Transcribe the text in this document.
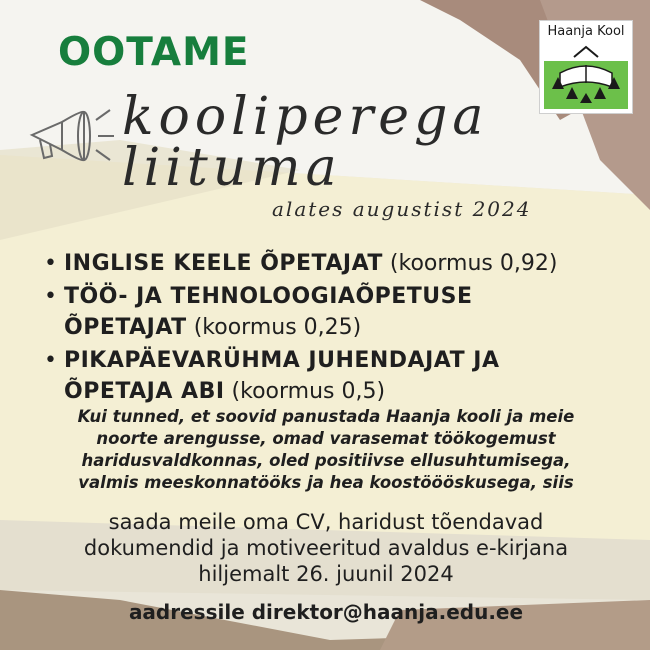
OOTAME
kooliperega
liituma
alates augustist 2024
Haanja Kool
• INGLISE KEELE ÕPETAJAT (koormus 0,92)
• TÖÖ- JA TEHNOLOOGIAÕPETUSE
ÕPETAJAT (koormus 0,25)
• PIKAPÄEVARÜHMA JUHENDAJAT JA
ÕPETAJA ABI (koormus 0,5)
Kui tunned, et soovid panustada Haanja kooli ja meie
noorte arengusse, omad varasemat töökogemust
haridusvaldkonnas, oled positiivse ellusuhtumisega,
valmis meeskonnatööks ja hea koostöööskusega, siis
saada meile oma CV, haridust tõendavad
dokumendid ja motiveeritud avaldus e-kirjana
hiljemalt 26. juunil 2024
aadressile direktor@haanja.edu.ee
